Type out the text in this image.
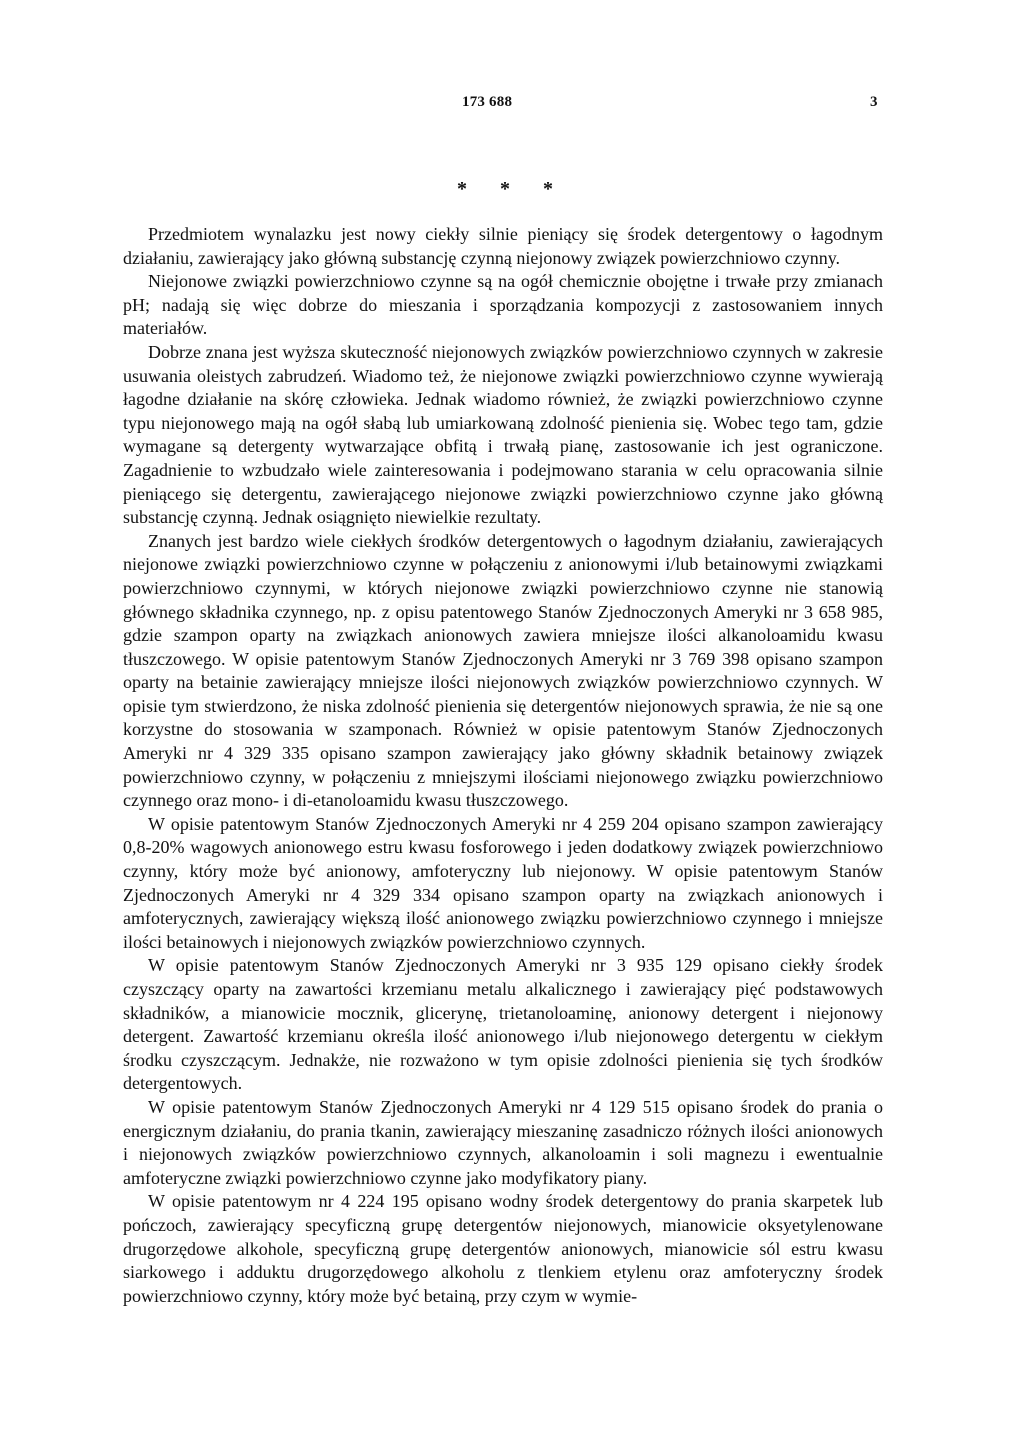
173 688	3
* * *

Przedmiotem wynalazku jest nowy ciekły silnie pieniący się środek detergentowy o łagodnym działaniu, zawierający jako główną substancję czynną niejonowy związek powierzchniowo czynny.

Niejonowe związki powierzchniowo czynne są na ogół chemicznie obojętne i trwałe przy zmianach pH; nadają się więc dobrze do mieszania i sporządzania kompozycji z zastosowaniem innych materiałów.

Dobrze znana jest wyższa skuteczność niejonowych związków powierzchniowo czynnych w zakresie usuwania oleistych zabrudzeń. Wiadomo też, że niejonowe związki powierzchniowo czynne wywierają łagodne działanie na skórę człowieka. Jednak wiadomo również, że związki powierzchniowo czynne typu niejonowego mają na ogół słabą lub umiarkowaną zdolność pienienia się. Wobec tego tam, gdzie wymagane są detergenty wytwarzające obfitą i trwałą pianę, zastosowanie ich jest ograniczone. Zagadnienie to wzbudzało wiele zainteresowania i podejmowano starania w celu opracowania silnie pieniącego się detergentu, zawierającego niejonowe związki powierzchniowo czynne jako główną substancję czynną. Jednak osiągnięto niewielkie rezultaty.

Znanych jest bardzo wiele ciekłych środków detergentowych o łagodnym działaniu, zawierających niejonowe związki powierzchniowo czynne w połączeniu z anionowymi i/lub betainowymi związkami powierzchniowo czynnymi, w których niejonowe związki powierzchniowo czynne nie stanowią głównego składnika czynnego, np. z opisu patentowego Stanów Zjednoczonych Ameryki nr 3 658 985, gdzie szampon oparty na związkach anionowych zawiera mniejsze ilości alkanoloamidu kwasu tłuszczowego. W opisie patentowym Stanów Zjednoczonych Ameryki nr 3 769 398 opisano szampon oparty na betainie zawierający mniejsze ilości niejonowych związków powierzchniowo czynnych. W opisie tym stwierdzono, że niska zdolność pienienia się detergentów niejonowych sprawia, że nie są one korzystne do stosowania w szamponach. Również w opisie patentowym Stanów Zjednoczonych Ameryki nr 4 329 335 opisano szampon zawierający jako główny składnik betainowy związek powierzchniowo czynny, w połączeniu z mniejszymi ilościami niejonowego związku powierzchniowo czynnego oraz mono- i di-etanoloamidu kwasu tłuszczowego.

W opisie patentowym Stanów Zjednoczonych Ameryki nr 4 259 204 opisano szampon zawierający 0,8-20% wagowych anionowego estru kwasu fosforowego i jeden dodatkowy związek powierzchniowo czynny, który może być anionowy, amfoteryczny lub niejonowy. W opisie patentowym Stanów Zjednoczonych Ameryki nr 4 329 334 opisano szampon oparty na związkach anionowych i amfoterycznych, zawierający większą ilość anionowego związku powierzchniowo czynnego i mniejsze ilości betainowych i niejonowych związków powierzchniowo czynnych.

W opisie patentowym Stanów Zjednoczonych Ameryki nr 3 935 129 opisano ciekły środek czyszczący oparty na zawartości krzemianu metalu alkalicznego i zawierający pięć podstawowych składników, a mianowicie mocznik, glicerynę, trietanoloaminę, anionowy detergent i niejonowy detergent. Zawartość krzemianu określa ilość anionowego i/lub niejonowego detergentu w ciekłym środku czyszczącym. Jednakże, nie rozważono w tym opisie zdolności pienienia się tych środków detergentowych.

W opisie patentowym Stanów Zjednoczonych Ameryki nr 4 129 515 opisano środek do prania o energicznym działaniu, do prania tkanin, zawierający mieszaninę zasadniczo różnych ilości anionowych i niejonowych związków powierzchniowo czynnych, alkanoloamin i soli magnezu i ewentualnie amfoteryczne związki powierzchniowo czynne jako modyfikatory piany.

W opisie patentowym nr 4 224 195 opisano wodny środek detergentowy do prania skarpetek lub pończoch, zawierający specyficzną grupę detergentów niejonowych, mianowicie oksyetylenowane drugorzędowe alkohole, specyficzną grupę detergentów anionowych, mianowicie sól estru kwasu siarkowego i adduktu drugorzędowego alkoholu z tlenkiem etylenu oraz amfoteryczny środek powierzchniowo czynny, który może być betainą, przy czym w wymie-
